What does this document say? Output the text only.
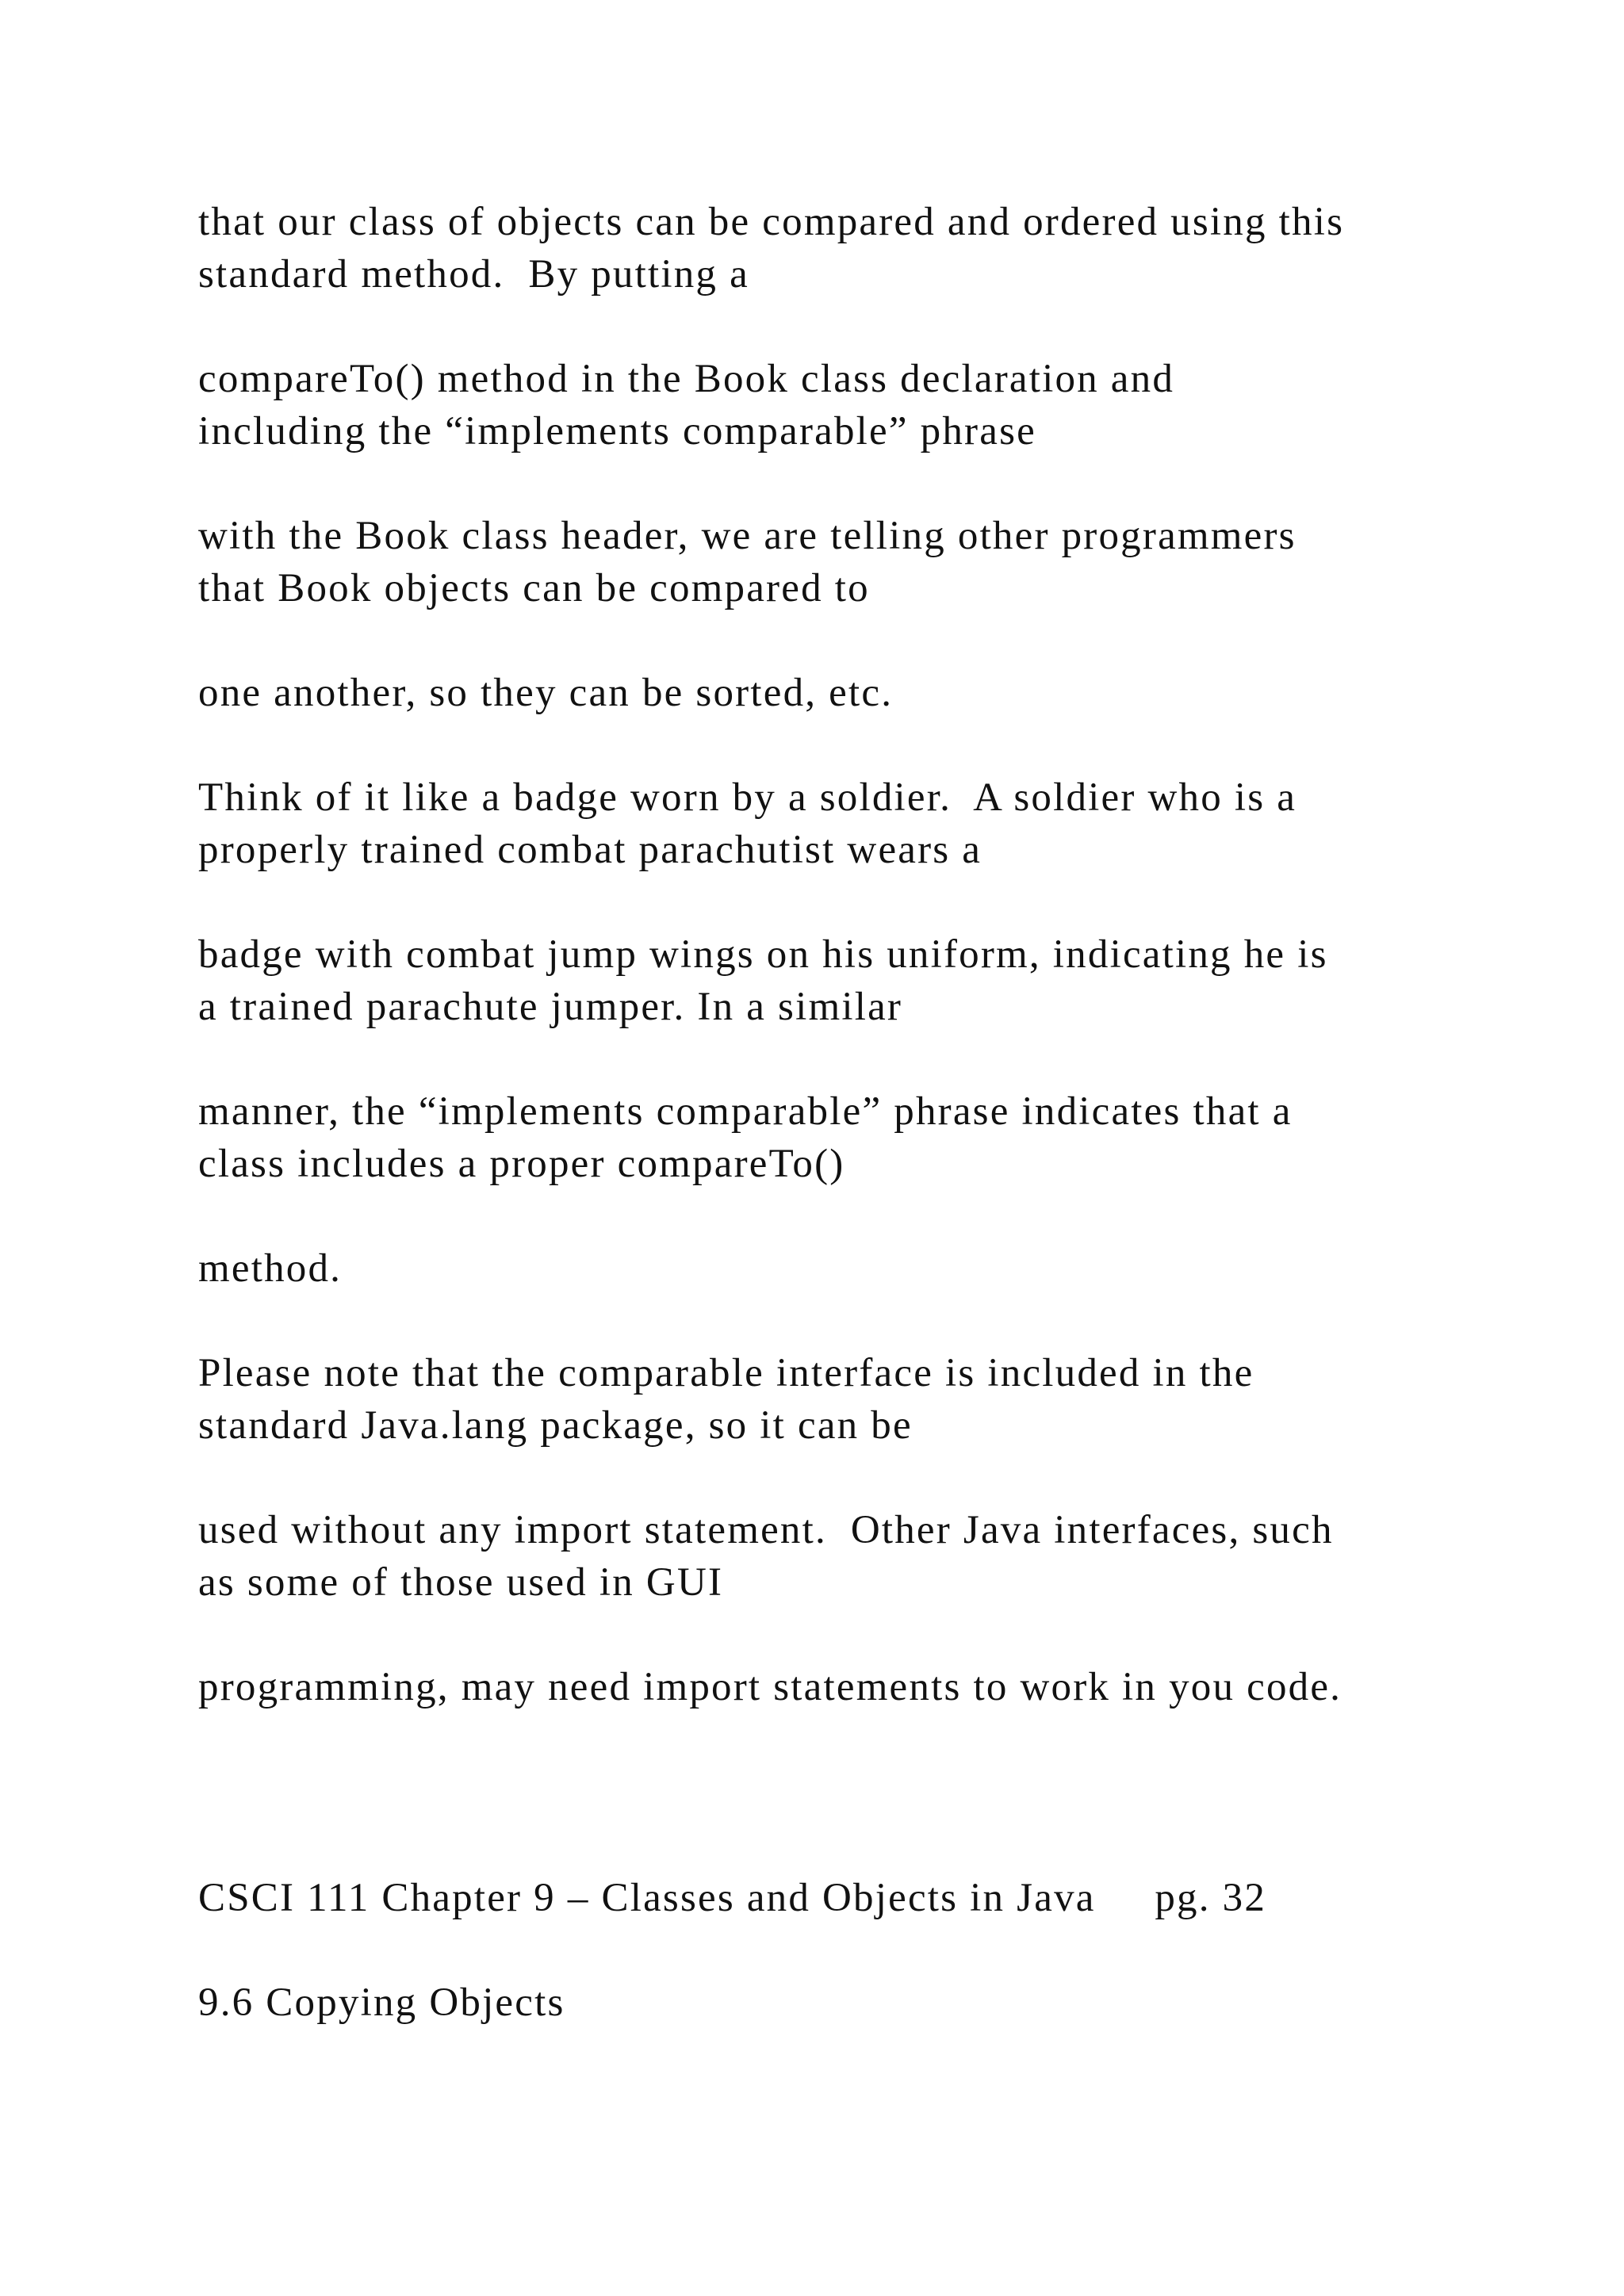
that our class of objects can be compared and ordered using this
standard method.  By putting a

compareTo() method in the Book class declaration and
including the “implements comparable” phrase

with the Book class header, we are telling other programmers
that Book objects can be compared to

one another, so they can be sorted, etc.

Think of it like a badge worn by a soldier.  A soldier who is a
properly trained combat parachutist wears a

badge with combat jump wings on his uniform, indicating he is
a trained parachute jumper. In a similar

manner, the “implements comparable” phrase indicates that a
class includes a proper compareTo()

method.

Please note that the comparable interface is included in the
standard Java.lang package, so it can be

used without any import statement.  Other Java interfaces, such
as some of those used in GUI

programming, may need import statements to work in you code.

CSCI 111 Chapter 9 – Classes and Objects in Java     pg. 32

9.6 Copying Objects
